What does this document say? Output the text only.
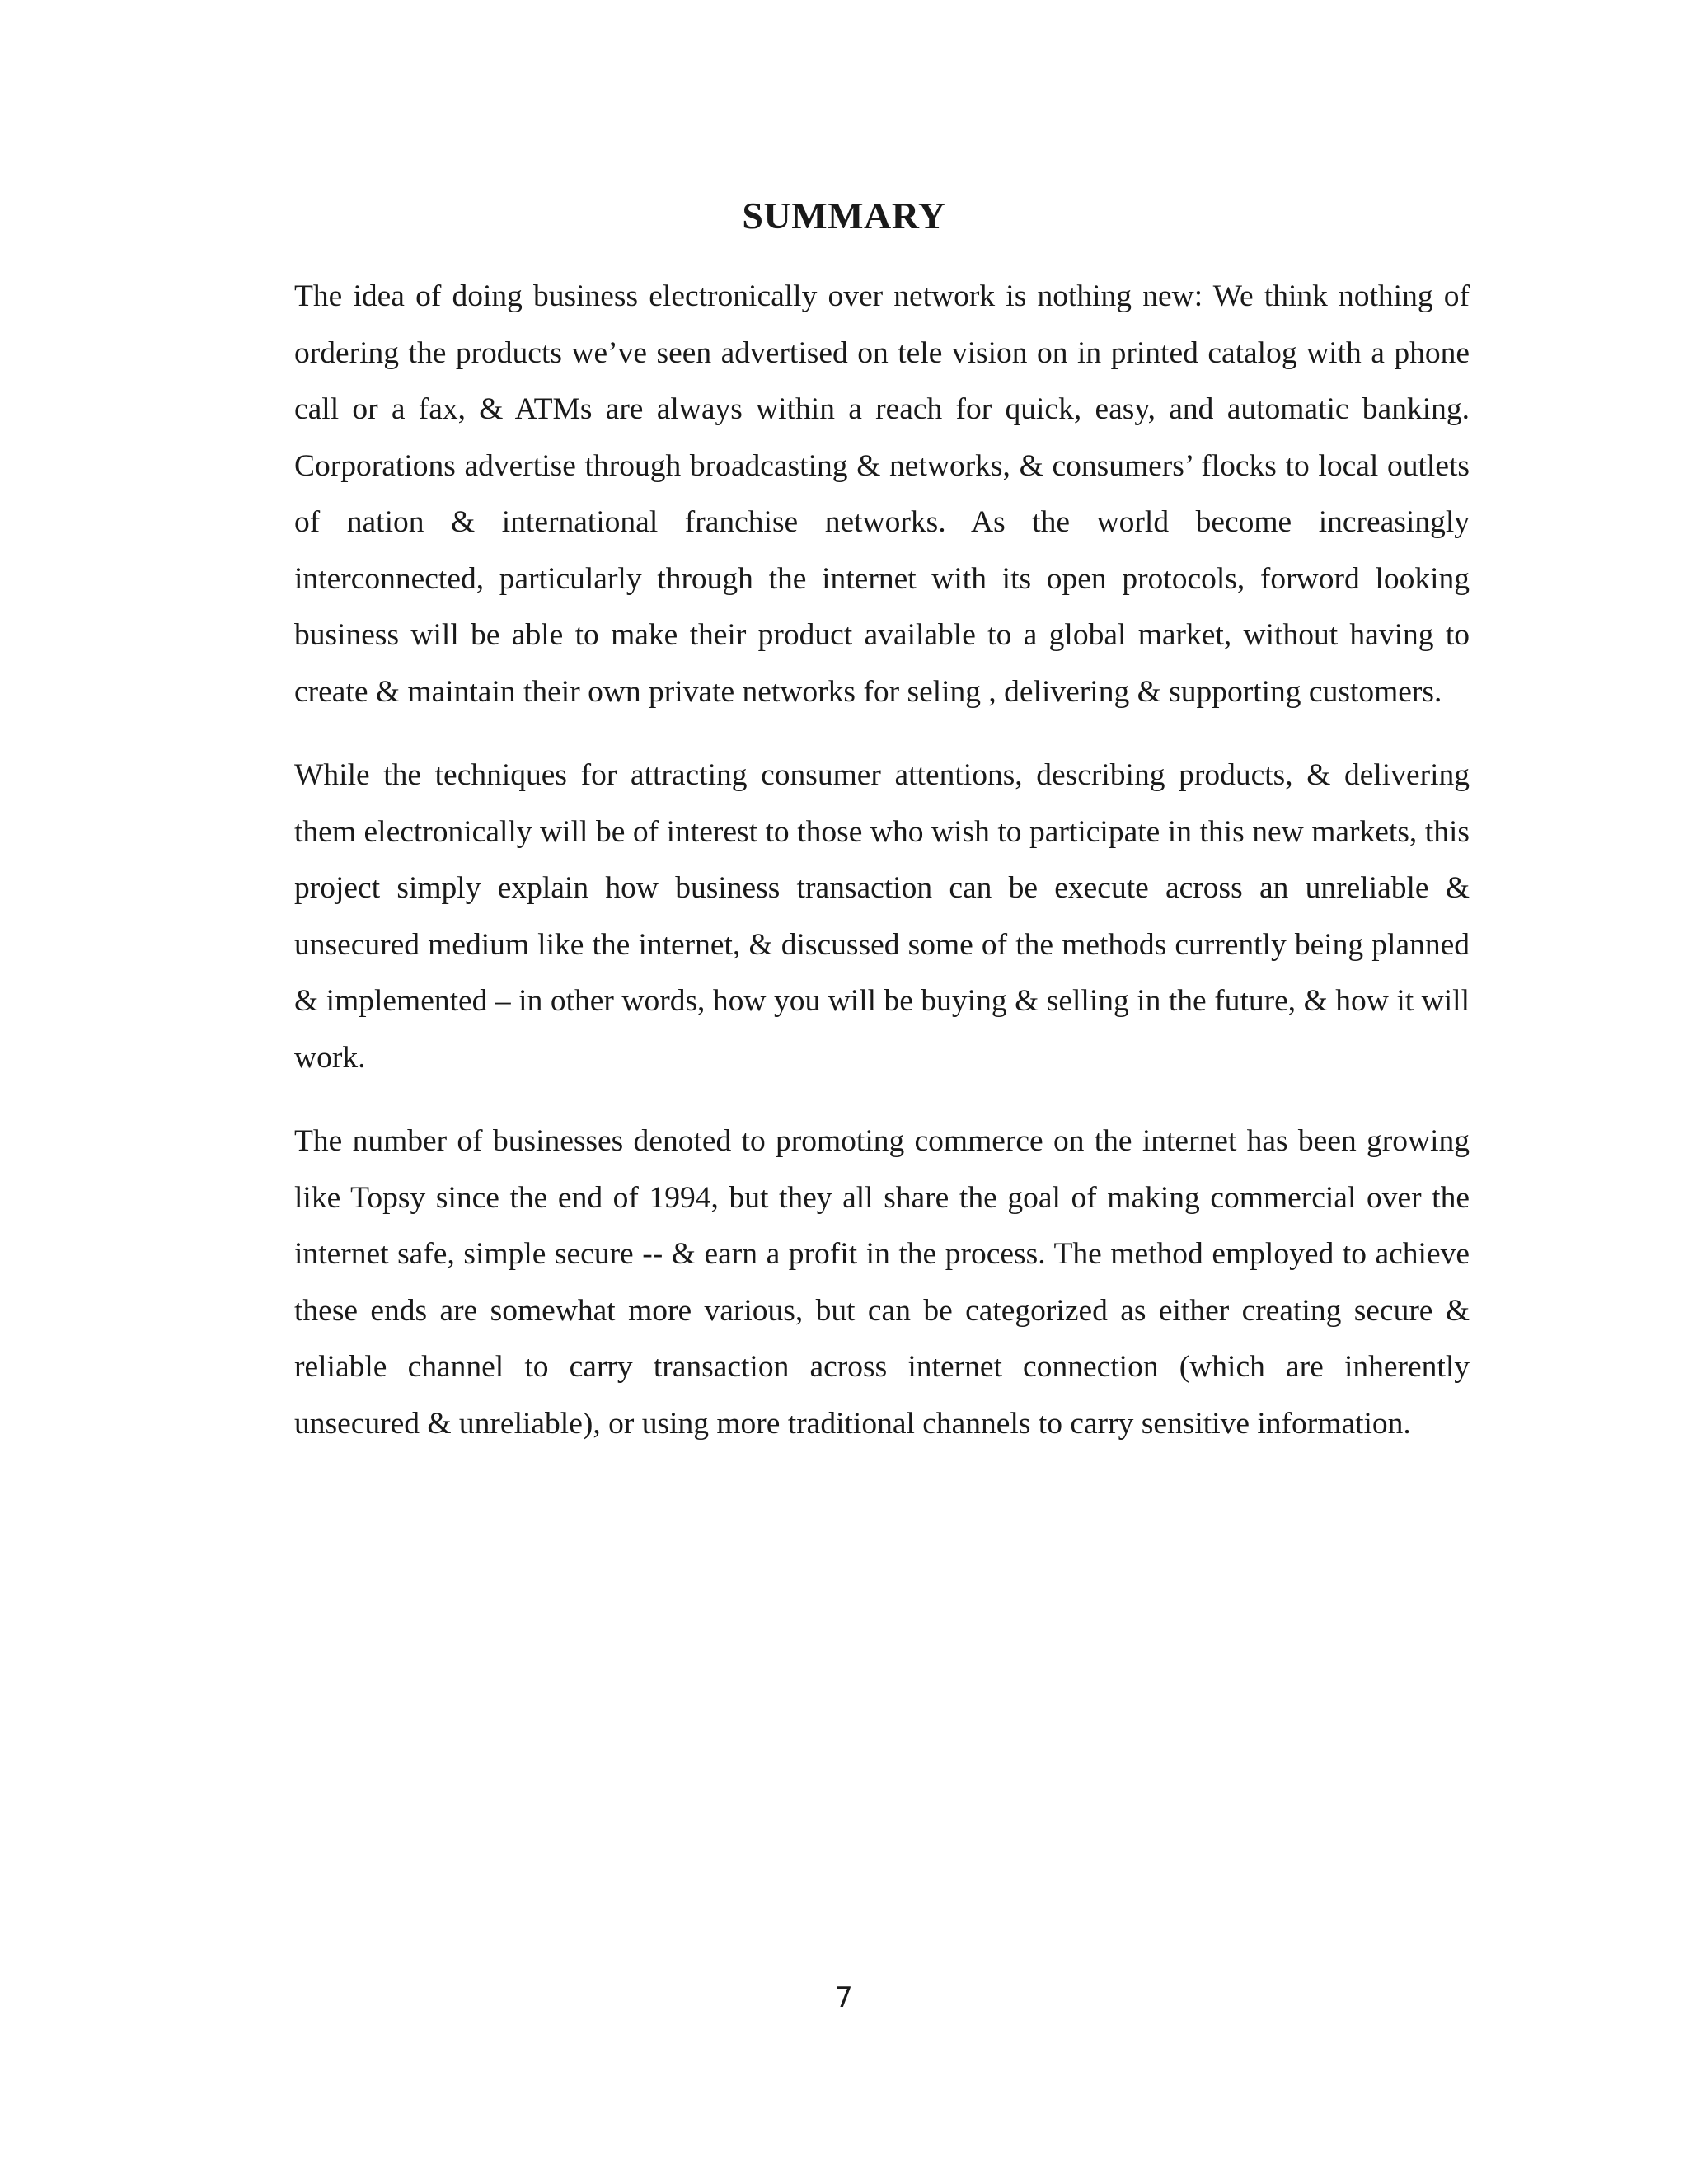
SUMMARY

The idea of doing business electronically over network is nothing new: We think nothing of ordering the products we’ve seen advertised on tele vision on in printed catalog with a phone call or a fax, & ATMs are always within a reach for quick, easy, and automatic banking. Corporations advertise through broadcasting & networks, & consumers’ flocks to local outlets of nation & international franchise networks. As the world become increasingly interconnected, particularly through the internet with its open protocols, forword looking business will be able to make their product available to a global market, without having to create & maintain their own private networks for seling , delivering & supporting customers.

While the techniques for attracting consumer attentions, describing products, & delivering them electronically will be of interest to those who wish to participate in this new markets, this project simply explain how business transaction can be execute across an unreliable & unsecured medium like the internet, & discussed some of the methods currently being planned & implemented – in other words, how you will be buying & selling in the future, & how it will work.

The number of businesses denoted to promoting commerce on the internet has been growing like Topsy since the end of 1994, but they all share the goal of making commercial over the internet safe, simple secure -- & earn a profit in the process. The method employed to achieve these ends are somewhat more various, but can be categorized as either creating secure & reliable channel to carry transaction across internet connection (which are inherently unsecured & unreliable), or using more traditional channels to carry sensitive information.

7
